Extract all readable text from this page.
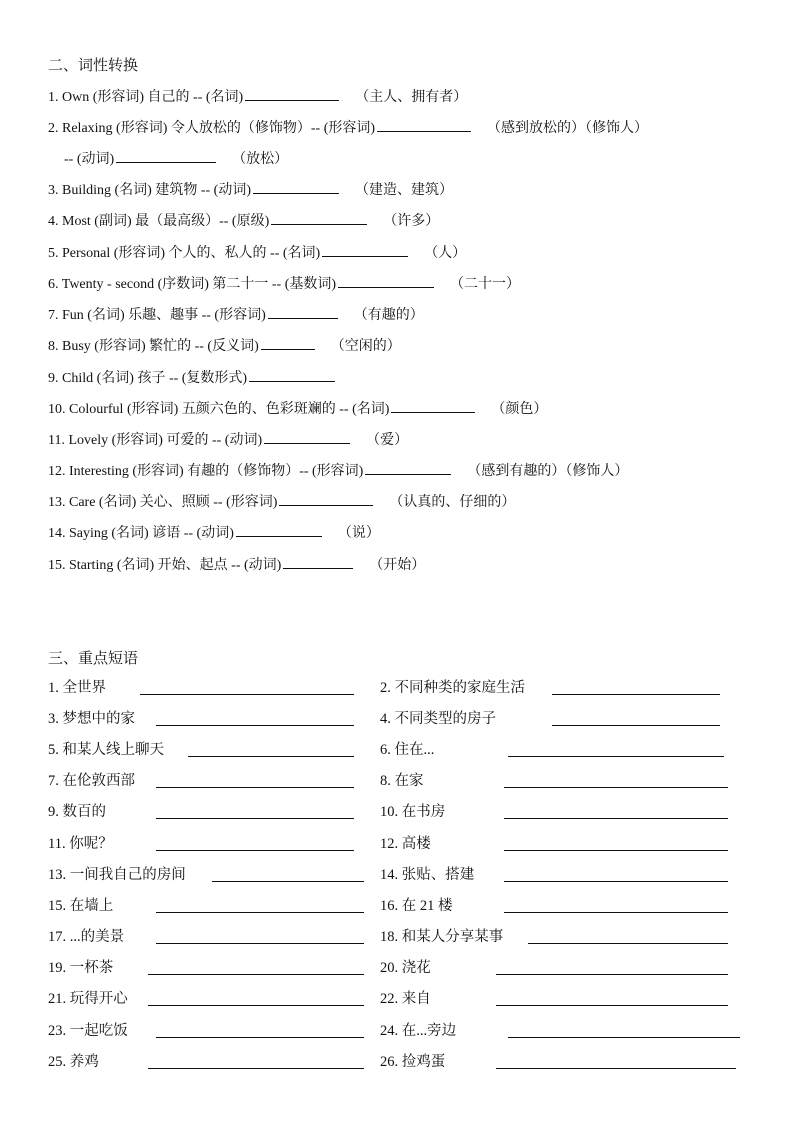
二、词性转换
1. Own (形容词) 自己的 -- (名词)	（主人、拥有者）
2. Relaxing (形容词) 令人放松的（修饰物）-- (形容词)	（感到放松的）（修饰人）
-- (动词)	（放松）
3. Building (名词) 建筑物 -- (动词)	（建造、建筑）
4. Most (副词) 最（最高级）-- (原级)	（许多）
5. Personal (形容词) 个人的、私人的 -- (名词)	（人）
6. Twenty - second (序数词) 第二十一 -- (基数词)	（二十一）
7. Fun (名词) 乐趣、趣事 -- (形容词)	（有趣的）
8. Busy (形容词) 繁忙的 -- (反义词)	（空闲的）
9. Child (名词) 孩子 -- (复数形式)
10. Colourful (形容词) 五颜六色的、色彩斑斓的 -- (名词)	（颜色）
11. Lovely (形容词) 可爱的 -- (动词)	（爱）
12. Interesting (形容词) 有趣的（修饰物）-- (形容词)	（感到有趣的）（修饰人）
13. Care (名词) 关心、照顾 -- (形容词)	（认真的、仔细的）
14. Saying (名词) 谚语 -- (动词)	（说）
15. Starting (名词) 开始、起点 -- (动词)	（开始）
三、重点短语
1. 全世界	2. 不同种类的家庭生活
3. 梦想中的家	4. 不同类型的房子
5. 和某人线上聊天	6. 住在...
7. 在伦敦西部	8. 在家
9. 数百的	10. 在书房
11. 你呢？	12. 高楼
13. 一间我自己的房间	14. 张贴、搭建
15. 在墙上	16. 在 21 楼
17. ...的美景	18. 和某人分享某事
19. 一杯茶	20. 浇花
21. 玩得开心	22. 来自
23. 一起吃饭	24. 在...旁边
25. 养鸡	26. 捡鸡蛋
